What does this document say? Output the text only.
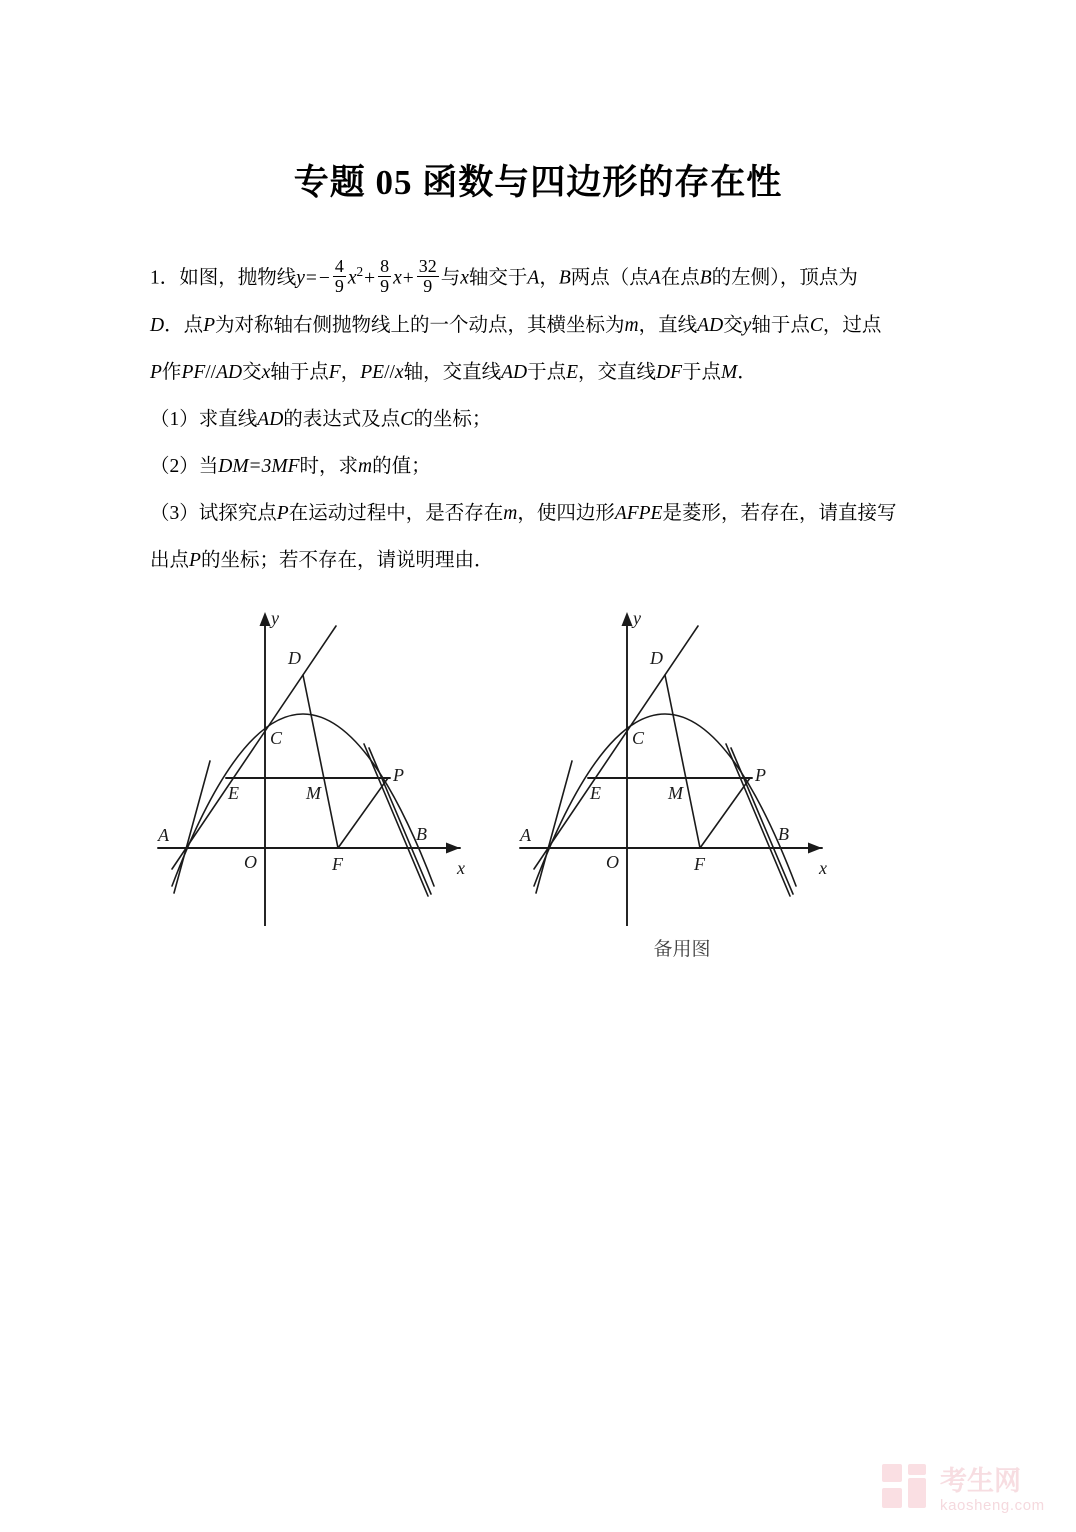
专题 05 函数与四边形的存在性
1．如图，抛物线$y= - \frac{4}{9} x^2+ \frac{8}{9} x+ \frac{32}{9}$ 与x轴交于A，B两点（点A在点B的左侧），顶点为
D．点P为对称轴右侧抛物线上的一个动点，其横坐标为m，直线AD交y轴于点C，过点
P作PF//AD交x轴于点F，PE//x轴，交直线AD于点E，交直线DF于点M．
（1）求直线AD的表达式及点C的坐标；
（2）当DM=3MF时，求m的值；
（3）试探究点P在运动过程中，是否存在m，使四边形AFPE是菱形，若存在，请直接写
出点P的坐标；若不存在，请说明理由．
y
x
D
C
E	M
P
A	B
O	F
y
x
D
C
E	M
P
A	B
O	F
备用图
考生网
kaosheng.com
